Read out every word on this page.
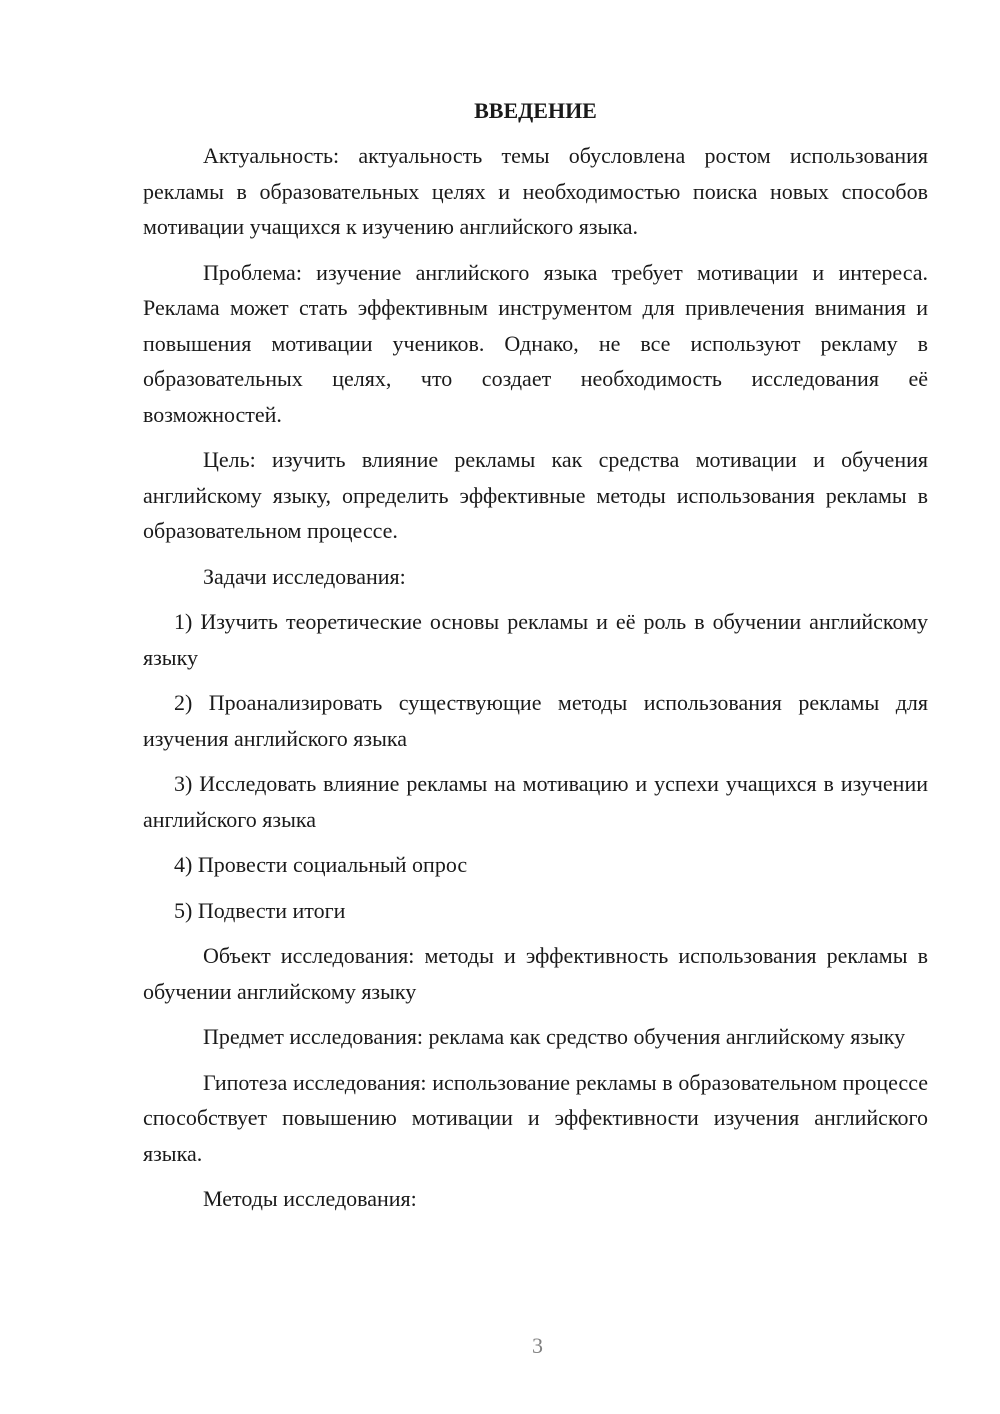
ВВЕДЕНИЕ

Актуальность: актуальность темы обусловлена ростом использования рекламы в образовательных целях и необходимостью поиска новых способов мотивации учащихся к изучению английского языка.

Проблема: изучение английского языка требует мотивации и интереса. Реклама может стать эффективным инструментом для привлечения внимания и повышения мотивации учеников. Однако, не все используют рекламу в образовательных целях, что создает необходимость исследования её возможностей.

Цель: изучить влияние рекламы как средства мотивации и обучения английскому языку, определить эффективные методы использования рекламы в образовательном процессе.

Задачи исследования:

1) Изучить теоретические основы рекламы и её роль в обучении английскому языку

2) Проанализировать существующие методы использования рекламы для изучения английского языка

3) Исследовать влияние рекламы на мотивацию и успехи учащихся в изучении английского языка

4) Провести социальный опрос

5) Подвести итоги

Объект исследования: методы и эффективность использования рекламы в обучении английскому языку

Предмет исследования: реклама как средство обучения английскому языку

Гипотеза исследования: использование рекламы в образовательном процессе способствует повышению мотивации и эффективности изучения английского языка.

Методы исследования:

3
